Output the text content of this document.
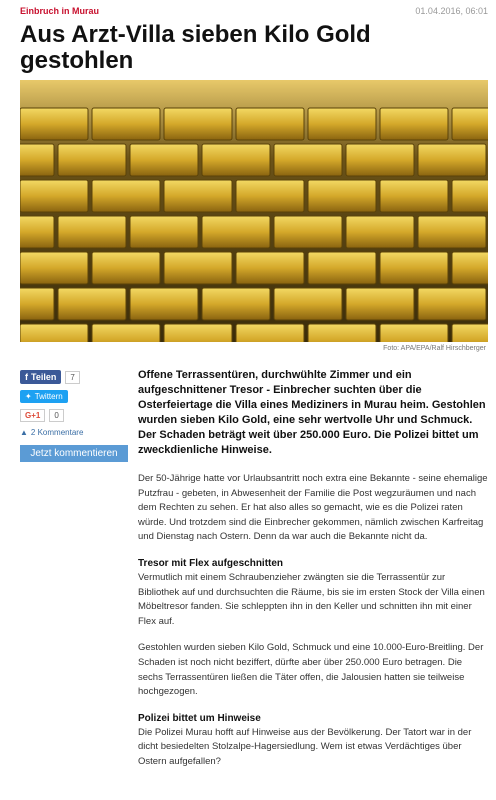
Einbruch in Murau	01.04.2016, 06:01
Aus Arzt-Villa sieben Kilo Gold gestohlen
Foto: APA/EPA/Ralf Hirschberger
f Teilen	7
✦ Twittern
G+1	0
▲ 2 Kommentare
Jetzt kommentieren

Offene Terrassentüren, durchwühlte Zimmer und ein aufgeschnittener Tresor - Einbrecher suchten über die Osterfeiertage die Villa eines Mediziners in Murau heim. Gestohlen wurden sieben Kilo Gold, eine sehr wertvolle Uhr und Schmuck. Der Schaden beträgt weit über 250.000 Euro. Die Polizei bittet um zweckdienliche Hinweise.

Der 50-Jährige hatte vor Urlaubsantritt noch extra eine Bekannte - seine ehemalige Putzfrau - gebeten, in Abwesenheit der Familie die Post wegzuräumen und nach dem Rechten zu sehen. Er hat also alles so gemacht, wie es die Polizei raten würde. Und trotzdem sind die Einbrecher gekommen, nämlich zwischen Karfreitag und Dienstag nach Ostern. Denn da war auch die Bekannte nicht da.

Tresor mit Flex aufgeschnitten

Vermutlich mit einem Schraubenzieher zwängten sie die Terrassentür zur Bibliothek auf und durchsuchten die Räume, bis sie im ersten Stock der Villa einen Möbeltresor fanden. Sie schleppten ihn in den Keller und schnitten ihn mit einer Flex auf.

Gestohlen wurden sieben Kilo Gold, Schmuck und eine 10.000-Euro-Breitling. Der Schaden ist noch nicht beziffert, dürfte aber über 250.000 Euro betragen. Die sechs Terrassentüren ließen die Täter offen, die Jalousien hatten sie teilweise hochgezogen.

Polizei bittet um Hinweise

Die Polizei Murau hofft auf Hinweise aus der Bevölkerung. Der Tatort war in der dicht besiedelten Stolzalpe-Hagersiedlung. Wem ist etwas Verdächtiges über Ostern aufgefallen?
